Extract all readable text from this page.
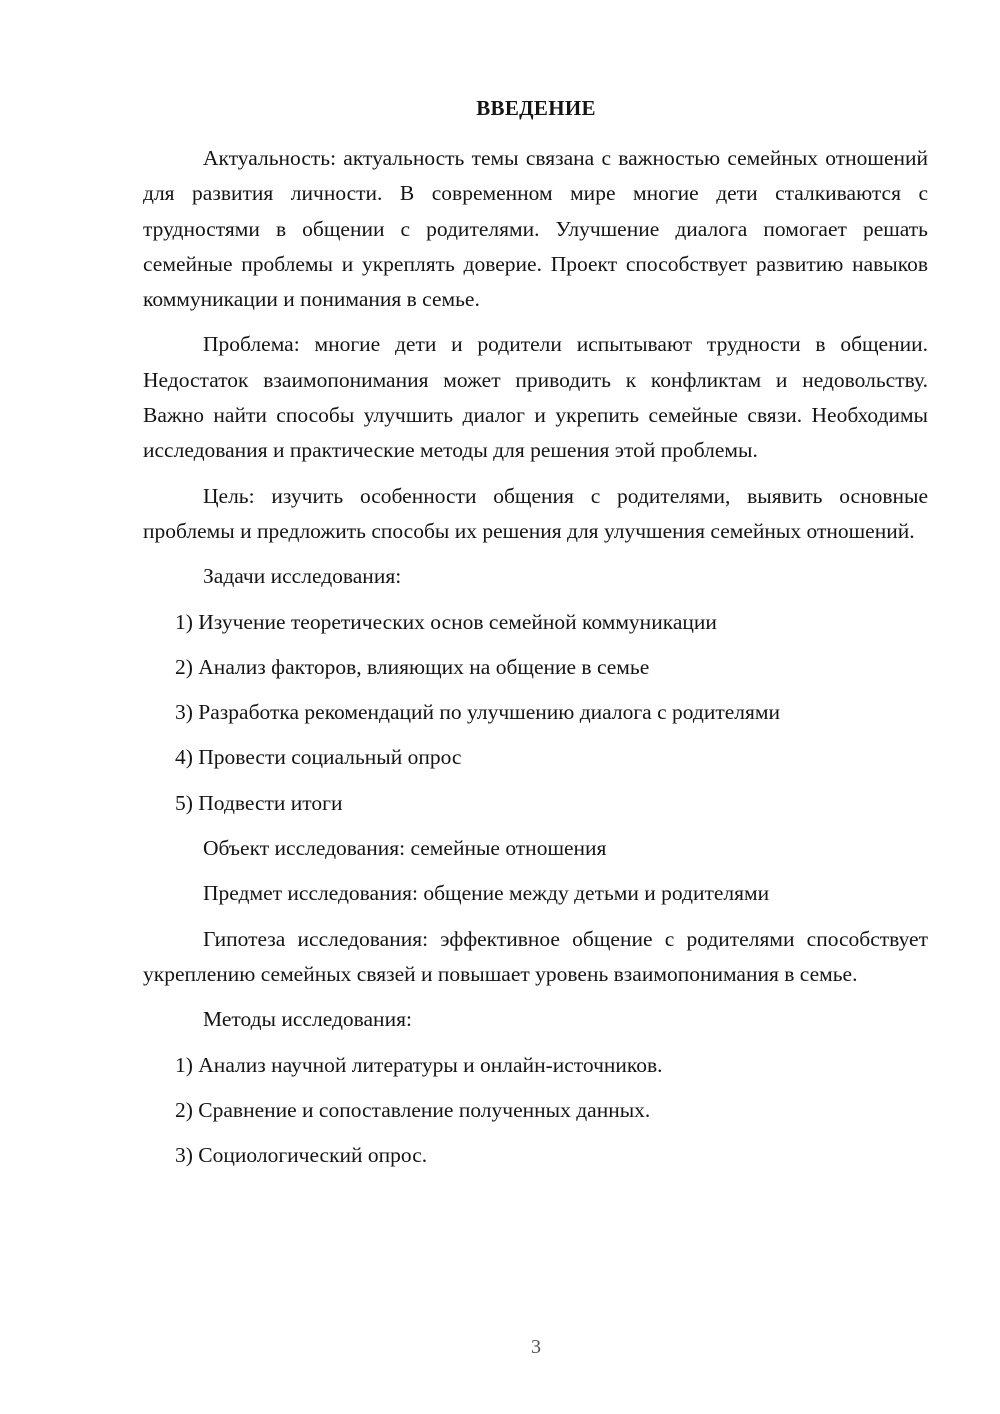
ВВЕДЕНИЕ

Актуальность: актуальность темы связана с важностью семейных отношений для развития личности. В современном мире многие дети сталкиваются с трудностями в общении с родителями. Улучшение диалога помогает решать семейные проблемы и укреплять доверие. Проект способствует развитию навыков коммуникации и понимания в семье.

Проблема: многие дети и родители испытывают трудности в общении. Недостаток взаимопонимания может приводить к конфликтам и недовольству. Важно найти способы улучшить диалог и укрепить семейные связи. Необходимы исследования и практические методы для решения этой проблемы.

Цель: изучить особенности общения с родителями, выявить основные проблемы и предложить способы их решения для улучшения семейных отношений.

Задачи исследования:

1) Изучение теоретических основ семейной коммуникации
2) Анализ факторов, влияющих на общение в семье
3) Разработка рекомендаций по улучшению диалога с родителями
4) Провести социальный опрос
5) Подвести итоги

Объект исследования: семейные отношения

Предмет исследования: общение между детьми и родителями

Гипотеза исследования: эффективное общение с родителями способствует укреплению семейных связей и повышает уровень взаимопонимания в семье.

Методы исследования:

1) Анализ научной литературы и онлайн-источников.
2) Сравнение и сопоставление полученных данных.
3) Социологический опрос.
3
